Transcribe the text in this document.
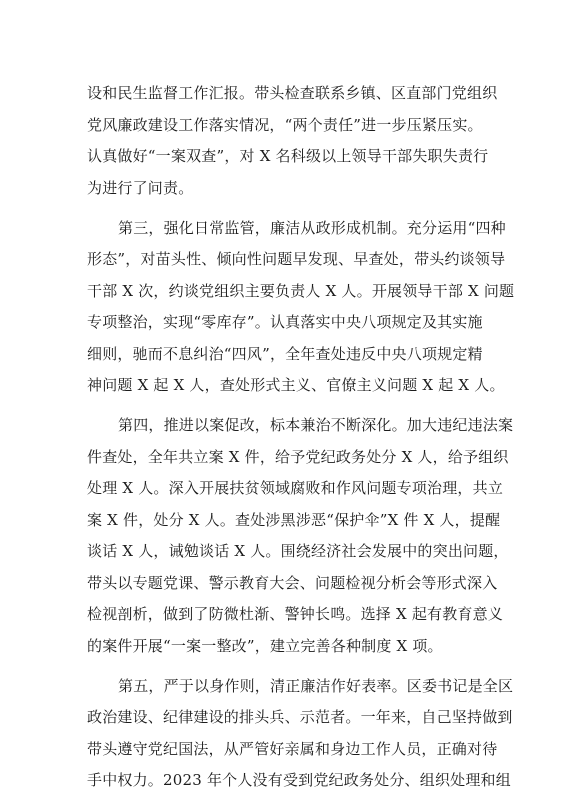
设和民生监督工作汇报。带头检查联系乡镇、区直部门党组织
党风廉政建设工作落实情况，“两个责任”进一步压紧压实。
认真做好“一案双查”，对 X 名科级以上领导干部失职失责行
为进行了问责。
第三，强化日常监管，廉洁从政形成机制。充分运用“四种
形态”，对苗头性、倾向性问题早发现、早查处，带头约谈领导
干部 X 次，约谈党组织主要负责人 X 人。开展领导干部 X 问题
专项整治，实现“零库存”。认真落实中央八项规定及其实施
细则，驰而不息纠治“四风”，全年查处违反中央八项规定精
神问题 X 起 X 人，查处形式主义、官僚主义问题 X 起 X 人。
第四，推进以案促改，标本兼治不断深化。加大违纪违法案
件查处，全年共立案 X 件，给予党纪政务处分 X 人，给予组织
处理 X 人。深入开展扶贫领域腐败和作风问题专项治理，共立
案 X 件，处分 X 人。查处涉黑涉恶“保护伞”X 件 X 人，提醒
谈话 X 人，诫勉谈话 X 人。围绕经济社会发展中的突出问题，
带头以专题党课、警示教育大会、问题检视分析会等形式深入
检视剖析，做到了防微杜渐、警钟长鸣。选择 X 起有教育意义
的案件开展“一案一整改”，建立完善各种制度 X 项。
第五，严于以身作则，清正廉洁作好表率。区委书记是全区
政治建设、纪律建设的排头兵、示范者。一年来，自己坚持做到
带头遵守党纪国法，从严管好亲属和身边工作人员，正确对待
手中权力。2023 年个人没有受到党纪政务处分、组织处理和组
